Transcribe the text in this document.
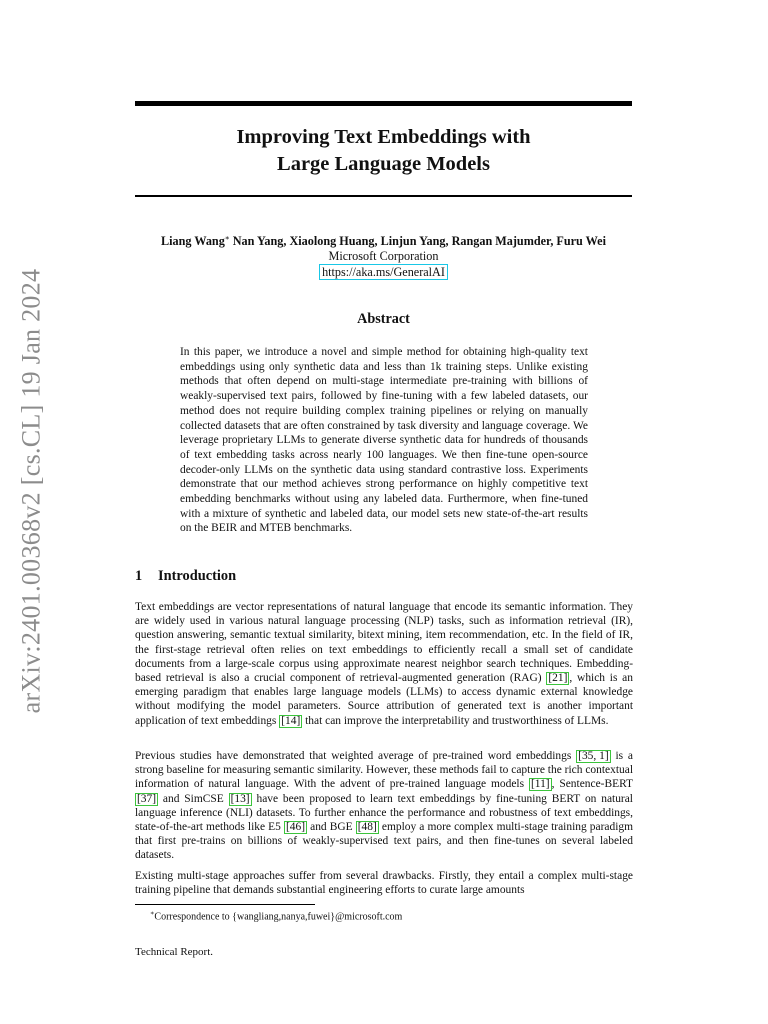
arXiv:2401.00368v2 [cs.CL] 19 Jan 2024
Improving Text Embeddings with
Large Language Models
Liang Wang∗ Nan Yang, Xiaolong Huang, Linjun Yang, Rangan Majumder, Furu Wei
Microsoft Corporation
https://aka.ms/GeneralAI
Abstract

In this paper, we introduce a novel and simple method for obtaining high-quality text embeddings using only synthetic data and less than 1k training steps. Unlike existing methods that often depend on multi-stage intermediate pre-training with billions of weakly-supervised text pairs, followed by fine-tuning with a few labeled datasets, our method does not require building complex training pipelines or relying on manually collected datasets that are often constrained by task diversity and language coverage. We leverage proprietary LLMs to generate diverse synthetic data for hundreds of thousands of text embedding tasks across nearly 100 languages. We then fine-tune open-source decoder-only LLMs on the synthetic data using standard contrastive loss. Experiments demonstrate that our method achieves strong performance on highly competitive text embedding benchmarks without using any labeled data. Furthermore, when fine-tuned with a mixture of synthetic and labeled data, our model sets new state-of-the-art results on the BEIR and MTEB benchmarks.

1 Introduction

Text embeddings are vector representations of natural language that encode its semantic information. They are widely used in various natural language processing (NLP) tasks, such as information retrieval (IR), question answering, semantic textual similarity, bitext mining, item recommendation, etc. In the field of IR, the first-stage retrieval often relies on text embeddings to efficiently recall a small set of candidate documents from a large-scale corpus using approximate nearest neighbor search techniques. Embedding-based retrieval is also a crucial component of retrieval-augmented generation (RAG) [21] , which is an emerging paradigm that enables large language models (LLMs) to access dynamic external knowledge without modifying the model parameters. Source attribution of generated text is another important application of text embeddings [14] that can improve the interpretability and trustworthiness of LLMs.

Previous studies have demonstrated that weighted average of pre-trained word embeddings [35, 1] is a strong baseline for measuring semantic similarity. However, these methods fail to capture the rich contextual information of natural language. With the advent of pre-trained language models [11] , Sentence-BERT [37] and SimCSE [13] have been proposed to learn text embeddings by fine-tuning BERT on natural language inference (NLI) datasets. To further enhance the performance and robustness of text embeddings, state-of-the-art methods like E5 [46] and BGE [48] employ a more complex multi-stage training paradigm that first pre-trains on billions of weakly-supervised text pairs, and then fine-tunes on several labeled datasets.

Existing multi-stage approaches suffer from several drawbacks. Firstly, they entail a complex multi-stage training pipeline that demands substantial engineering efforts to curate large amounts

∗Correspondence to {wangliang,nanya,fuwei}@microsoft.com

Technical Report.
